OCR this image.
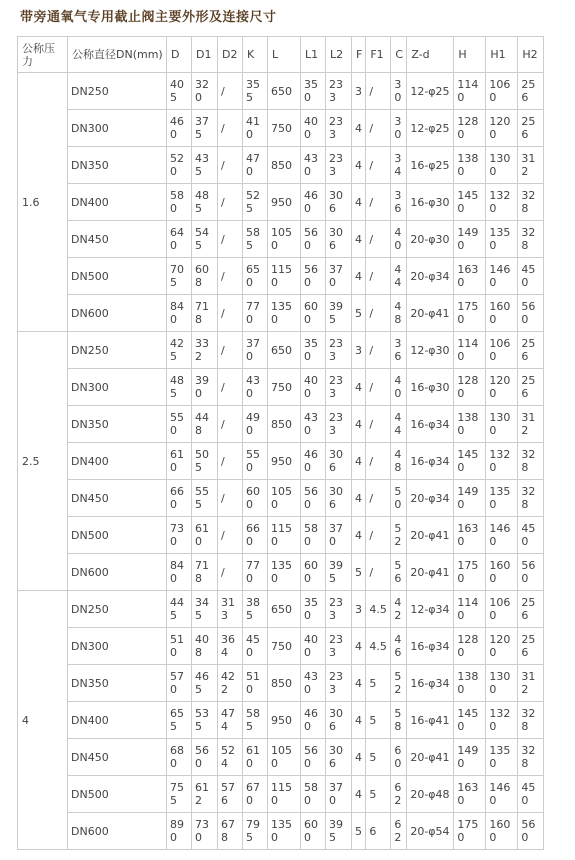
带旁通氧气专用截止阀主要外形及连接尺寸
公称压力	公称直径DN(mm)	D	D1	D2	K	L	L1	L2	F	F1	C	Z-d	H	H1	H2
1.6	DN250	405	320	/	355	650	350	233	3	/	30	12-φ25	1140	1060	256
	DN300	460	375	/	410	750	400	233	4	/	30	12-φ25	1280	1200	256
	DN350	520	435	/	470	850	430	233	4	/	34	16-φ25	1380	1300	312
	DN400	580	485	/	525	950	460	306	4	/	36	16-φ30	1450	1320	328
	DN450	640	545	/	585	1050	560	306	4	/	40	20-φ30	1490	1350	328
	DN500	705	608	/	650	1150	560	370	4	/	44	20-φ34	1630	1460	450
	DN600	840	718	/	770	1350	600	395	5	/	48	20-φ41	1750	1600	560
2.5	DN250	425	332	/	370	650	350	233	3	/	36	12-φ30	1140	1060	256
	DN300	485	390	/	430	750	400	233	4	/	40	16-φ30	1280	1200	256
	DN350	550	448	/	490	850	430	233	4	/	44	16-φ34	1380	1300	312
	DN400	610	505	/	550	950	460	306	4	/	48	16-φ34	1450	1320	328
	DN450	660	555	/	600	1050	560	306	4	/	50	20-φ34	1490	1350	328
	DN500	730	610	/	660	1150	580	370	4	/	52	20-φ41	1630	1460	450
	DN600	840	718	/	770	1350	600	395	5	/	56	20-φ41	1750	1600	560
4	DN250	445	345	313	385	650	350	233	3	4.5	42	12-φ34	1140	1060	256
	DN300	510	408	364	450	750	400	233	4	4.5	46	16-φ34	1280	1200	256
	DN350	570	465	422	510	850	430	233	4	5	52	16-φ34	1380	1300	312
	DN400	655	535	474	585	950	460	306	4	5	58	16-φ41	1450	1320	328
	DN450	680	560	524	610	1050	560	306	4	5	60	20-φ41	1490	1350	328
	DN500	755	612	576	670	1150	580	370	4	5	62	20-φ48	1630	1460	450
	DN600	890	730	678	795	1350	600	395	5	6	62	20-φ54	1750	1600	560
